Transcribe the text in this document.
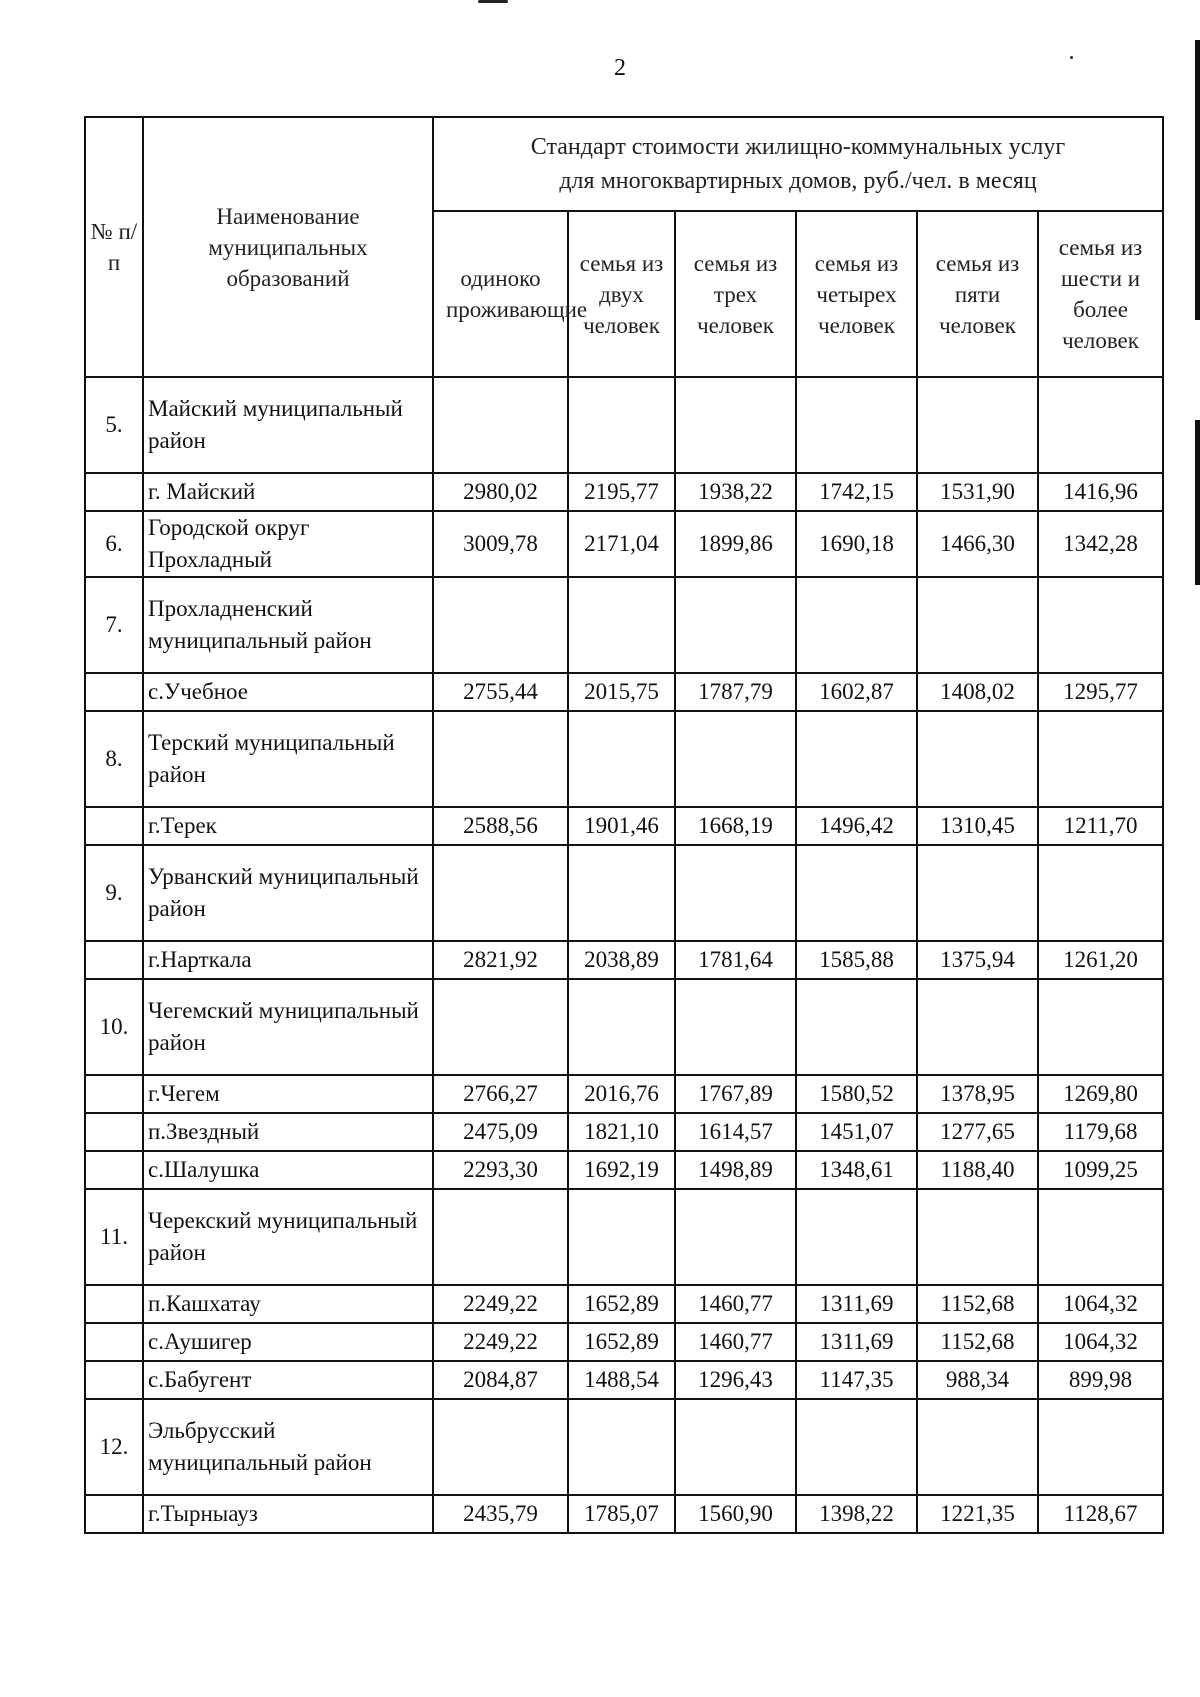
2
№ п/п	Наименование муниципальных образований	Стандарт стоимости жилищно-коммунальных услуг
для многоквартирных домов, руб./чел. в месяц					

		одиноко проживающие	семья из двух человек	семья из трех человек	семья из четырех человек	семья из пяти человек	семья из шести и более человек
5.	Майский муниципальный район						
	г. Майский	2980,02	2195,77	1938,22	1742,15	1531,90	1416,96
6.	Городской округ Прохладный	3009,78	2171,04	1899,86	1690,18	1466,30	1342,28
7.	Прохладненский муниципальный район						
	с.Учебное	2755,44	2015,75	1787,79	1602,87	1408,02	1295,77
8.	Терский муниципальный район						
	г.Терек	2588,56	1901,46	1668,19	1496,42	1310,45	1211,70
9.	Урванский муниципальный район						
	г.Нарткала	2821,92	2038,89	1781,64	1585,88	1375,94	1261,20
10.	Чегемский муниципальный район						
	г.Чегем	2766,27	2016,76	1767,89	1580,52	1378,95	1269,80
	п.Звездный	2475,09	1821,10	1614,57	1451,07	1277,65	1179,68
	с.Шалушка	2293,30	1692,19	1498,89	1348,61	1188,40	1099,25
11.	Черекский муниципальный район						
	п.Кашхатау	2249,22	1652,89	1460,77	1311,69	1152,68	1064,32
	с.Аушигер	2249,22	1652,89	1460,77	1311,69	1152,68	1064,32
	с.Бабугент	2084,87	1488,54	1296,43	1147,35	988,34	899,98
12.	Эльбрусский муниципальный район						
	г.Тырныауз	2435,79	1785,07	1560,90	1398,22	1221,35	1128,67
